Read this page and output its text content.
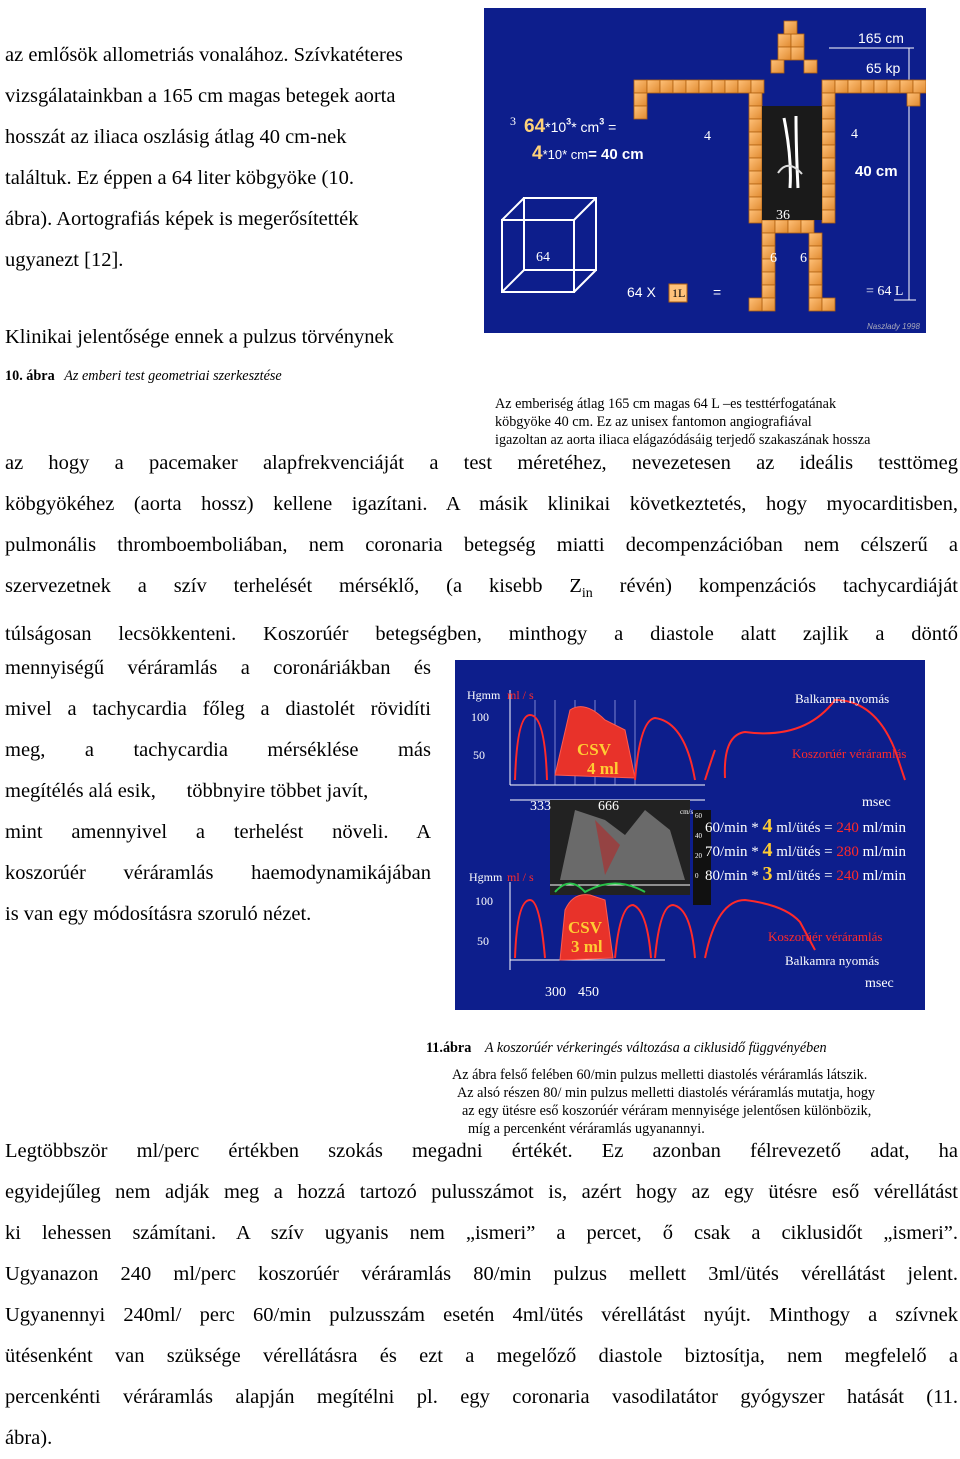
az emlősök allometriás vonalához. Szívkatéteres
vizsgálatainkban a 165 cm magas betegek aorta
hosszát az iliaca oszlásig átlag 40 cm-nek
találtuk. Ez éppen a 64 liter köbgyöke (10.
ábra). Aortografiás képek is megerősítették
ugyanezt [12].
Klinikai jelentősége ennek a pulzus törvénynek
10. ábra Az emberi test geometriai szerkesztése
3 $64*10^3*$ $cm^3$ =
4*10* cm= 40 cm
165 cm
65 kp
4	4
40 cm
36
6 6
64
64 X 1L =	= 64 L
Naszlady 1998
Az emberiség átlag 165 cm magas 64 L –es testtérfogatának
köbgyöke 40 cm. Ez az unisex fantomon angiografiával
igazoltan az aorta iliaca elágazódásáig terjedő szakaszának hossza
az hogy a pacemaker alapfrekvenciáját a test méretéhez, nevezetesen az ideális testtömeg
köbgyökéhez (aorta hossz) kellene igazítani. A másik klinikai következtetés, hogy myocarditisben,
pulmonális thromboemboliában, nem coronaria betegség miatti decompenzációban nem célszerű a
szervezetnek a szív terhelését mérséklő, (a kisebb $Z_{in}$ révén) kompenzációs tachycardiáját
túlságosan lecsökkenteni. Koszorúér betegségben, minthogy a diastole alatt zajlik a döntő
mennyiségű véráramlás a coronáriákban és
mivel a tachycardia főleg a diastolét rövidíti
meg, a tachycardia mérséklése más
megítélés alá esik,      többnyire többet javít,
mint amennyivel a terhelést növeli. A
koszorúér véráramlás haemodynamikájában
is van egy módosításra szoruló nézet.
Hgmm ml / s
100
50	CSV
4 ml
Balkamra nyomás
Koszorúér véráramlás
333	666	msec
cm/s 60
40
20
0
60/min * 4 ml/ütés = 240 ml/min
70/min * 4 ml/ütés = 280 ml/min
80/min * 3 ml/ütés = 240 ml/min
Hgmm ml / s
100
50
CSV
3 ml
Koszorúér véráramlás
Balkamra nyomás
300 450
msec
11.ábra A koszorúér vérkeringés változása a ciklusidő függvényében
Az ábra felső felében 60/min pulzus melletti diastolés véráramlás látszik.
Az alsó részen 80/ min pulzus melletti diastolés véráramlás mutatja, hogy
az egy ütésre eső koszorúér véráram mennyisége jelentősen különbözik,
míg a percenként véráramlás ugyanannyi.
Legtöbbször ml/perc értékben szokás megadni értékét. Ez azonban félrevezető adat, ha
egyidejűleg nem adják meg a hozzá tartozó pulusszámot is, azért hogy az egy ütésre eső vérellátást
ki lehessen számítani. A szív ugyanis nem „ismeri” a percet, ő csak a ciklusidőt „ismeri”.
Ugyanazon 240 ml/perc koszorúér véráramlás 80/min pulzus mellett 3ml/ütés vérellátást jelent.
Ugyanennyi 240ml/ perc 60/min pulzusszám esetén 4ml/ütés vérellátást nyújt. Minthogy a szívnek
ütésenként van szüksége vérellátásra és ezt a megelőző diastole biztosítja, nem megfelelő a
percenkénti véráramlás alapján megítélni pl. egy coronaria vasodilatátor gyógyszer hatását (11.
ábra).
